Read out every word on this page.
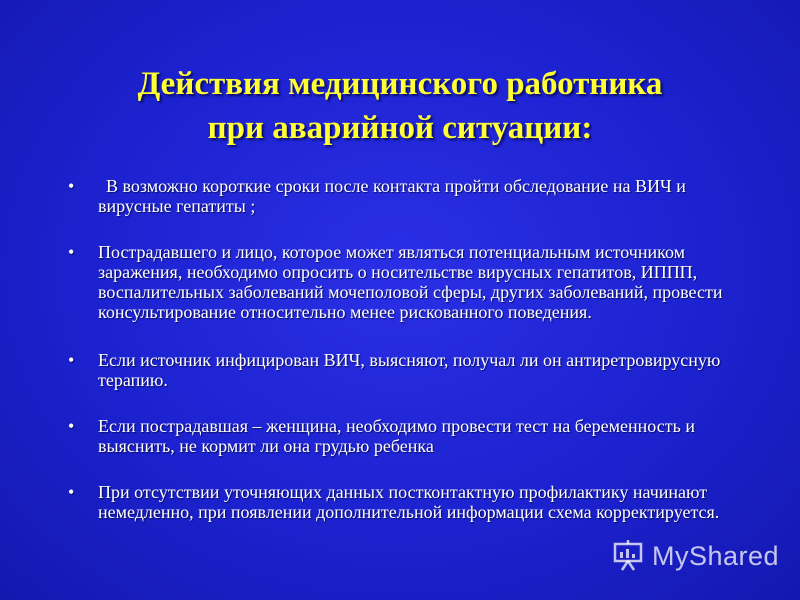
Действия медицинского работника
при аварийной ситуации:
• В возможно короткие сроки после контакта пройти обследование на ВИЧ и вирусные гепатиты ;
• Пострадавшего и лицо, которое может являться потенциальным источником заражения, необходимо опросить о носительстве вирусных гепатитов, ИППП, воспалительных заболеваний мочеполовой сферы, других заболеваний, провести консультирование относительно менее рискованного поведения.
• Если источник инфицирован ВИЧ, выясняют, получал ли он антиретровирусную терапию.
• Если пострадавшая – женщина, необходимо провести тест на беременность и выяснить, не кормит ли она грудью ребенка
• При отсутствии уточняющих данных постконтактную профилактику начинают немедленно, при появлении дополнительной информации схема корректируется.
MyShared
